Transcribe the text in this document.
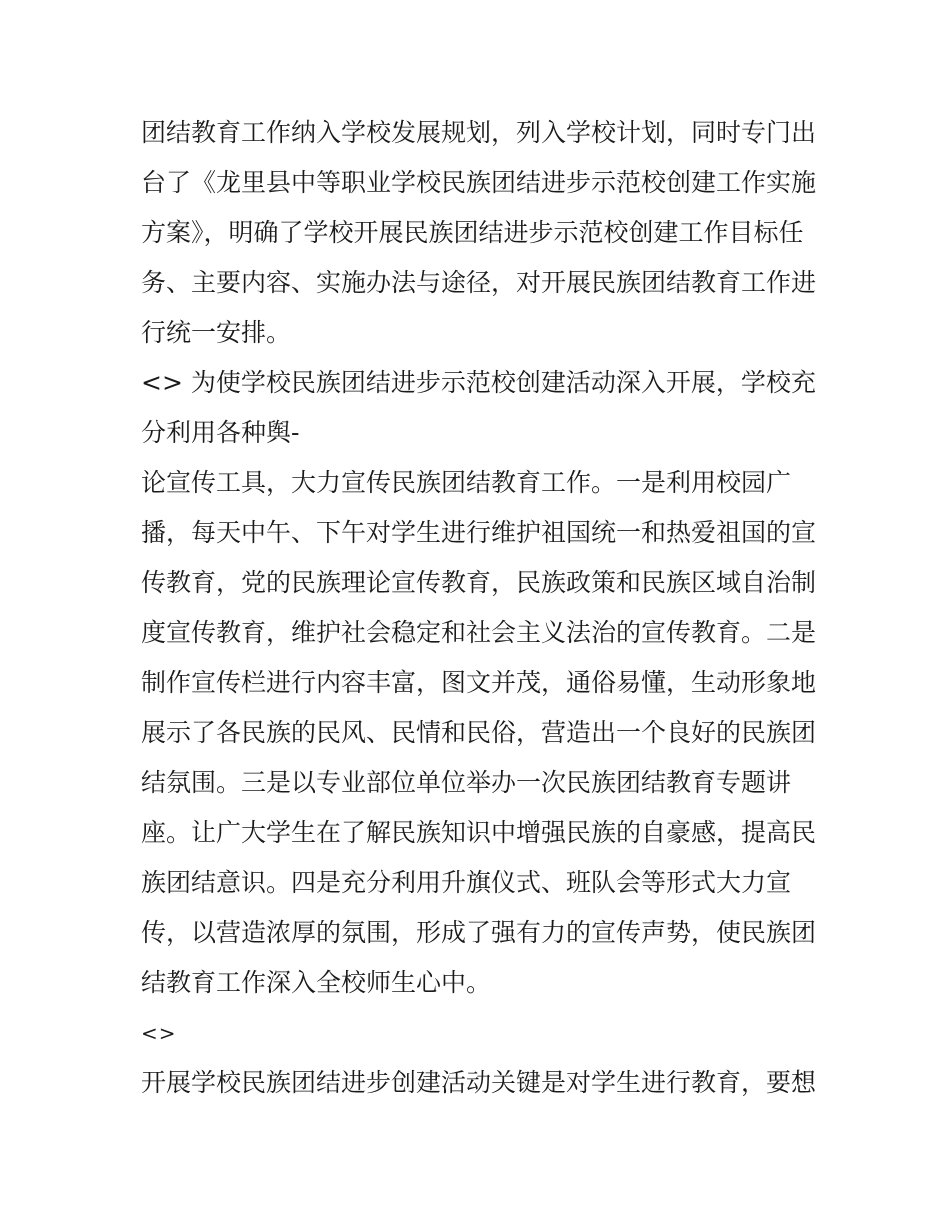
团结教育工作纳入学校发展规划，列入学校计划，同时专门出

台了《龙里县中等职业学校民族团结进步示范校创建工作实施

方案》，明确了学校开展民族团结进步示范校创建工作目标任

务、主要内容、实施办法与途径，对开展民族团结教育工作进

行统一安排。

<> 为使学校民族团结进步示范校创建活动深入开展，学校充

分利用各种舆-

论宣传工具，大力宣传民族团结教育工作。一是利用校园广

播，每天中午、下午对学生进行维护祖国统一和热爱祖国的宣

传教育，党的民族理论宣传教育，民族政策和民族区域自治制

度宣传教育，维护社会稳定和社会主义法治的宣传教育。二是

制作宣传栏进行内容丰富，图文并茂，通俗易懂，生动形象地

展示了各民族的民风、民情和民俗，营造出一个良好的民族团

结氛围。三是以专业部位单位举办一次民族团结教育专题讲

座。让广大学生在了解民族知识中增强民族的自豪感，提高民

族团结意识。四是充分利用升旗仪式、班队会等形式大力宣

传，以营造浓厚的氛围，形成了强有力的宣传声势，使民族团

结教育工作深入全校师生心中。

<>

开展学校民族团结进步创建活动关键是对学生进行教育，要想
